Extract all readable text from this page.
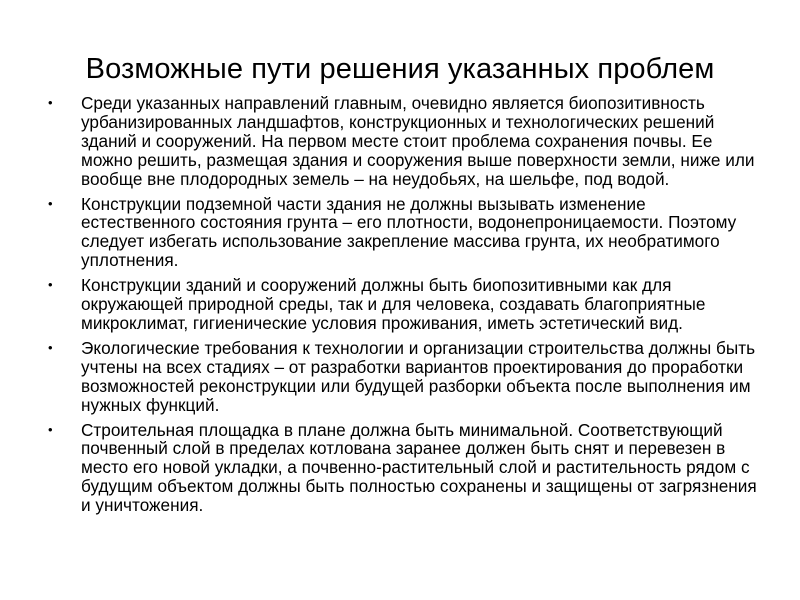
Возможные пути решения указанных проблем
• Среди указанных направлений главным, очевидно является биопозитивность урбанизированных ландшафтов, конструкционных и технологических решений зданий и сооружений. На первом месте стоит проблема сохранения почвы. Ее можно решить, размещая здания и сооружения выше поверхности земли, ниже или вообще вне плодородных земель – на неудобьях, на шельфе, под водой.
• Конструкции подземной части здания не должны вызывать изменение естественного состояния грунта – его плотности, водонепроницаемости. Поэтому следует избегать использование закрепление массива грунта, их необратимого уплотнения.
• Конструкции зданий и сооружений должны быть биопозитивными как для окружающей природной среды, так и для человека, создавать благоприятные микроклимат, гигиенические условия проживания, иметь эстетический вид.
• Экологические требования к технологии и организации строительства должны быть учтены на всех стадиях – от разработки вариантов проектирования до проработки возможностей реконструкции или будущей разборки объекта после выполнения им нужных функций.
• Строительная площадка в плане должна быть минимальной. Соответствующий почвенный слой в пределах котлована заранее должен быть снят и перевезен в место его новой укладки, а почвенно-растительный слой и растительность рядом с будущим объектом должны быть полностью сохранены и защищены от загрязнения и уничтожения.
